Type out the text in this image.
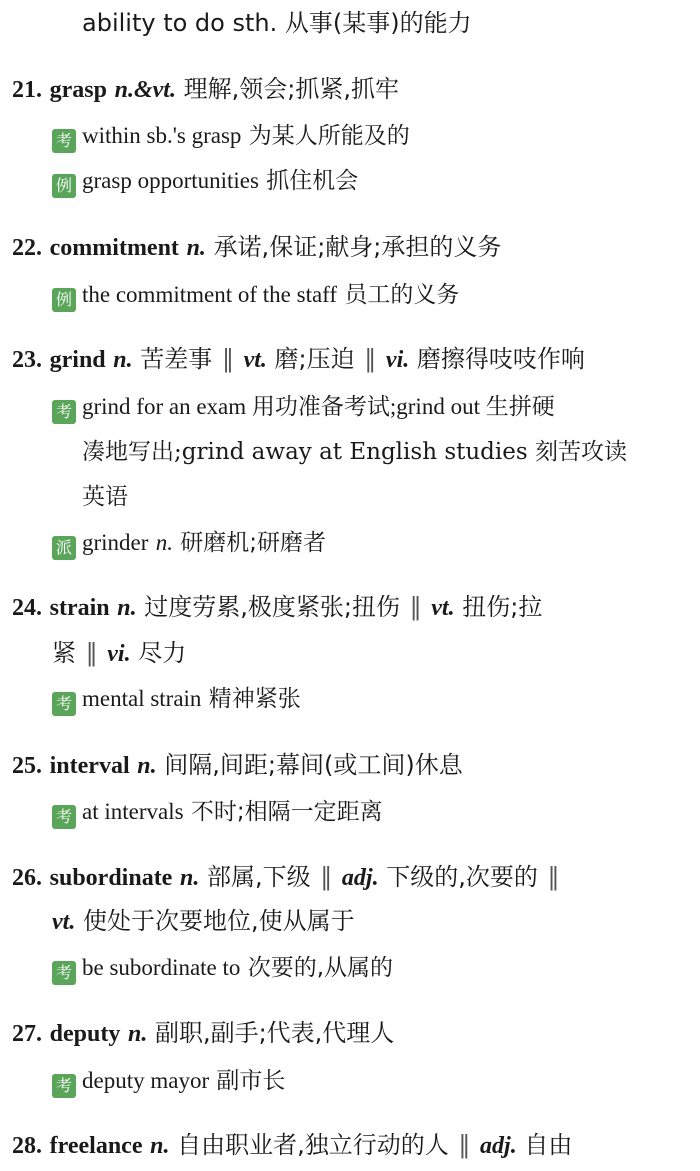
ability to do sth. 从事(某事)的能力
21. grasp n.&vt. 理解,领会;抓紧,抓牢
考 within sb.'s grasp 为某人所能及的
例 grasp opportunities 抓住机会
22. commitment n. 承诺,保证;献身;承担的义务
例 the commitment of the staff 员工的义务
23. grind n. 苦差事 ‖ vt. 磨;压迫 ‖ vi. 磨擦得吱吱作响
考 grind for an exam 用功准备考试;grind out 生拼硬
凑地写出;grind away at English studies 刻苦攻读
英语
派 grinder n. 研磨机;研磨者
24. strain n. 过度劳累,极度紧张;扭伤 ‖ vt. 扭伤;拉
紧 ‖ vi. 尽力
考 mental strain 精神紧张
25. interval n. 间隔,间距;幕间(或工间)休息
考 at intervals 不时;相隔一定距离
26. subordinate n. 部属,下级 ‖ adj. 下级的,次要的 ‖
vt. 使处于次要地位,使从属于
考 be subordinate to 次要的,从属的
27. deputy n. 副职,副手;代表,代理人
考 deputy mayor 副市长
28. freelance n. 自由职业者,独立行动的人 ‖ adj. 自由
